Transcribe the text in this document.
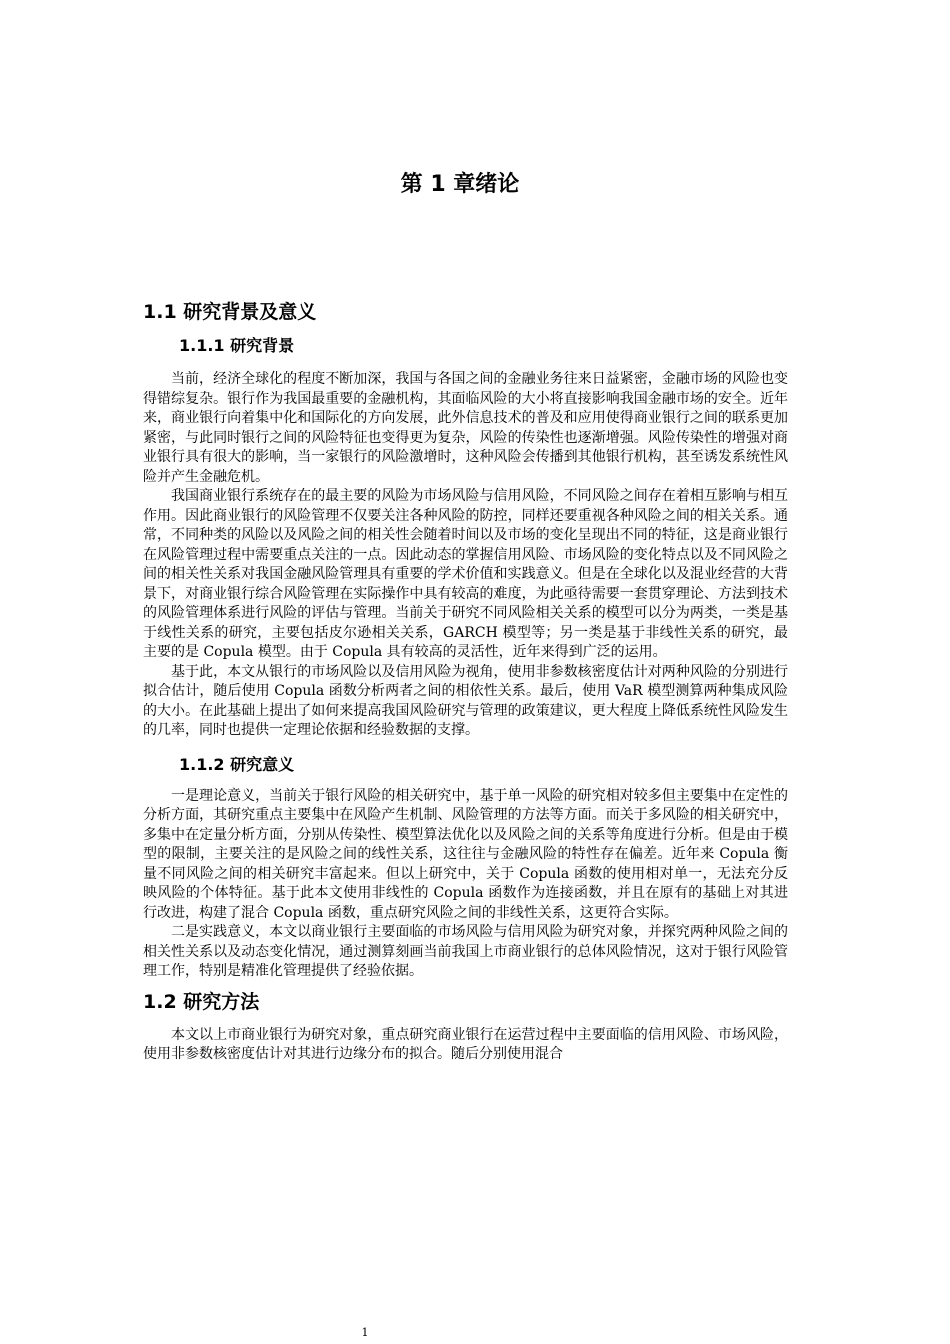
第 1 章绪论
1.1 研究背景及意义
1.1.1 研究背景

当前，经济全球化的程度不断加深，我国与各国之间的金融业务往来日益紧密，金融市场的风险也变得错综复杂。银行作为我国最重要的金融机构，其面临风险的大小将直接影响我国金融市场的安全。近年来，商业银行向着集中化和国际化的方向发展，此外信息技术的普及和应用使得商业银行之间的联系更加紧密，与此同时银行之间的风险特征也变得更为复杂，风险的传染性也逐渐增强。风险传染性的增强对商业银行具有很大的影响，当一家银行的风险激增时，这种风险会传播到其他银行机构，甚至诱发系统性风险并产生金融危机。

我国商业银行系统存在的最主要的风险为市场风险与信用风险，不同风险之间存在着相互影响与相互作用。因此商业银行的风险管理不仅要关注各种风险的防控，同样还要重视各种风险之间的相关关系。通常，不同种类的风险以及风险之间的相关性会随着时间以及市场的变化呈现出不同的特征，这是商业银行在风险管理过程中需要重点关注的一点。因此动态的掌握信用风险、市场风险的变化特点以及不同风险之间的相关性关系对我国金融风险管理具有重要的学术价值和实践意义。但是在全球化以及混业经营的大背景下，对商业银行综合风险管理在实际操作中具有较高的难度，为此亟待需要一套贯穿理论、方法到技术的风险管理体系进行风险的评估与管理。当前关于研究不同风险相关关系的模型可以分为两类，一类是基于线性关系的研究，主要包括皮尔逊相关关系，GARCH 模型等；另一类是基于非线性关系的研究，最主要的是 Copula 模型。由于 Copula 具有较高的灵活性，近年来得到广泛的运用。

基于此，本文从银行的市场风险以及信用风险为视角，使用非参数核密度估计对两种风险的分别进行拟合估计，随后使用 Copula 函数分析两者之间的相依性关系。最后，使用 VaR 模型测算两种集成风险的大小。在此基础上提出了如何来提高我国风险研究与管理的政策建议，更大程度上降低系统性风险发生的几率，同时也提供一定理论依据和经验数据的支撑。

1.1.2 研究意义

一是理论意义，当前关于银行风险的相关研究中，基于单一风险的研究相对较多但主要集中在定性的分析方面，其研究重点主要集中在风险产生机制、风险管理的方法等方面。而关于多风险的相关研究中，多集中在定量分析方面，分别从传染性、模型算法优化以及风险之间的关系等角度进行分析。但是由于模型的限制，主要关注的是风险之间的线性关系，这往往与金融风险的特性存在偏差。近年来 Copula 衡量不同风险之间的相关研究丰富起来。但以上研究中，关于 Copula 函数的使用相对单一，无法充分反映风险的个体特征。基于此本文使用非线性的 Copula 函数作为连接函数，并且在原有的基础上对其进行改进，构建了混合 Copula 函数，重点研究风险之间的非线性关系，这更符合实际。

二是实践意义，本文以商业银行主要面临的市场风险与信用风险为研究对象，并探究两种风险之间的相关性关系以及动态变化情况，通过测算刻画当前我国上市商业银行的总体风险情况，这对于银行风险管理工作，特别是精准化管理提供了经验依据。

1.2 研究方法

本文以上市商业银行为研究对象，重点研究商业银行在运营过程中主要面临的信用风险、市场风险，使用非参数核密度估计对其进行边缘分布的拟合。随后分别使用混合

1
